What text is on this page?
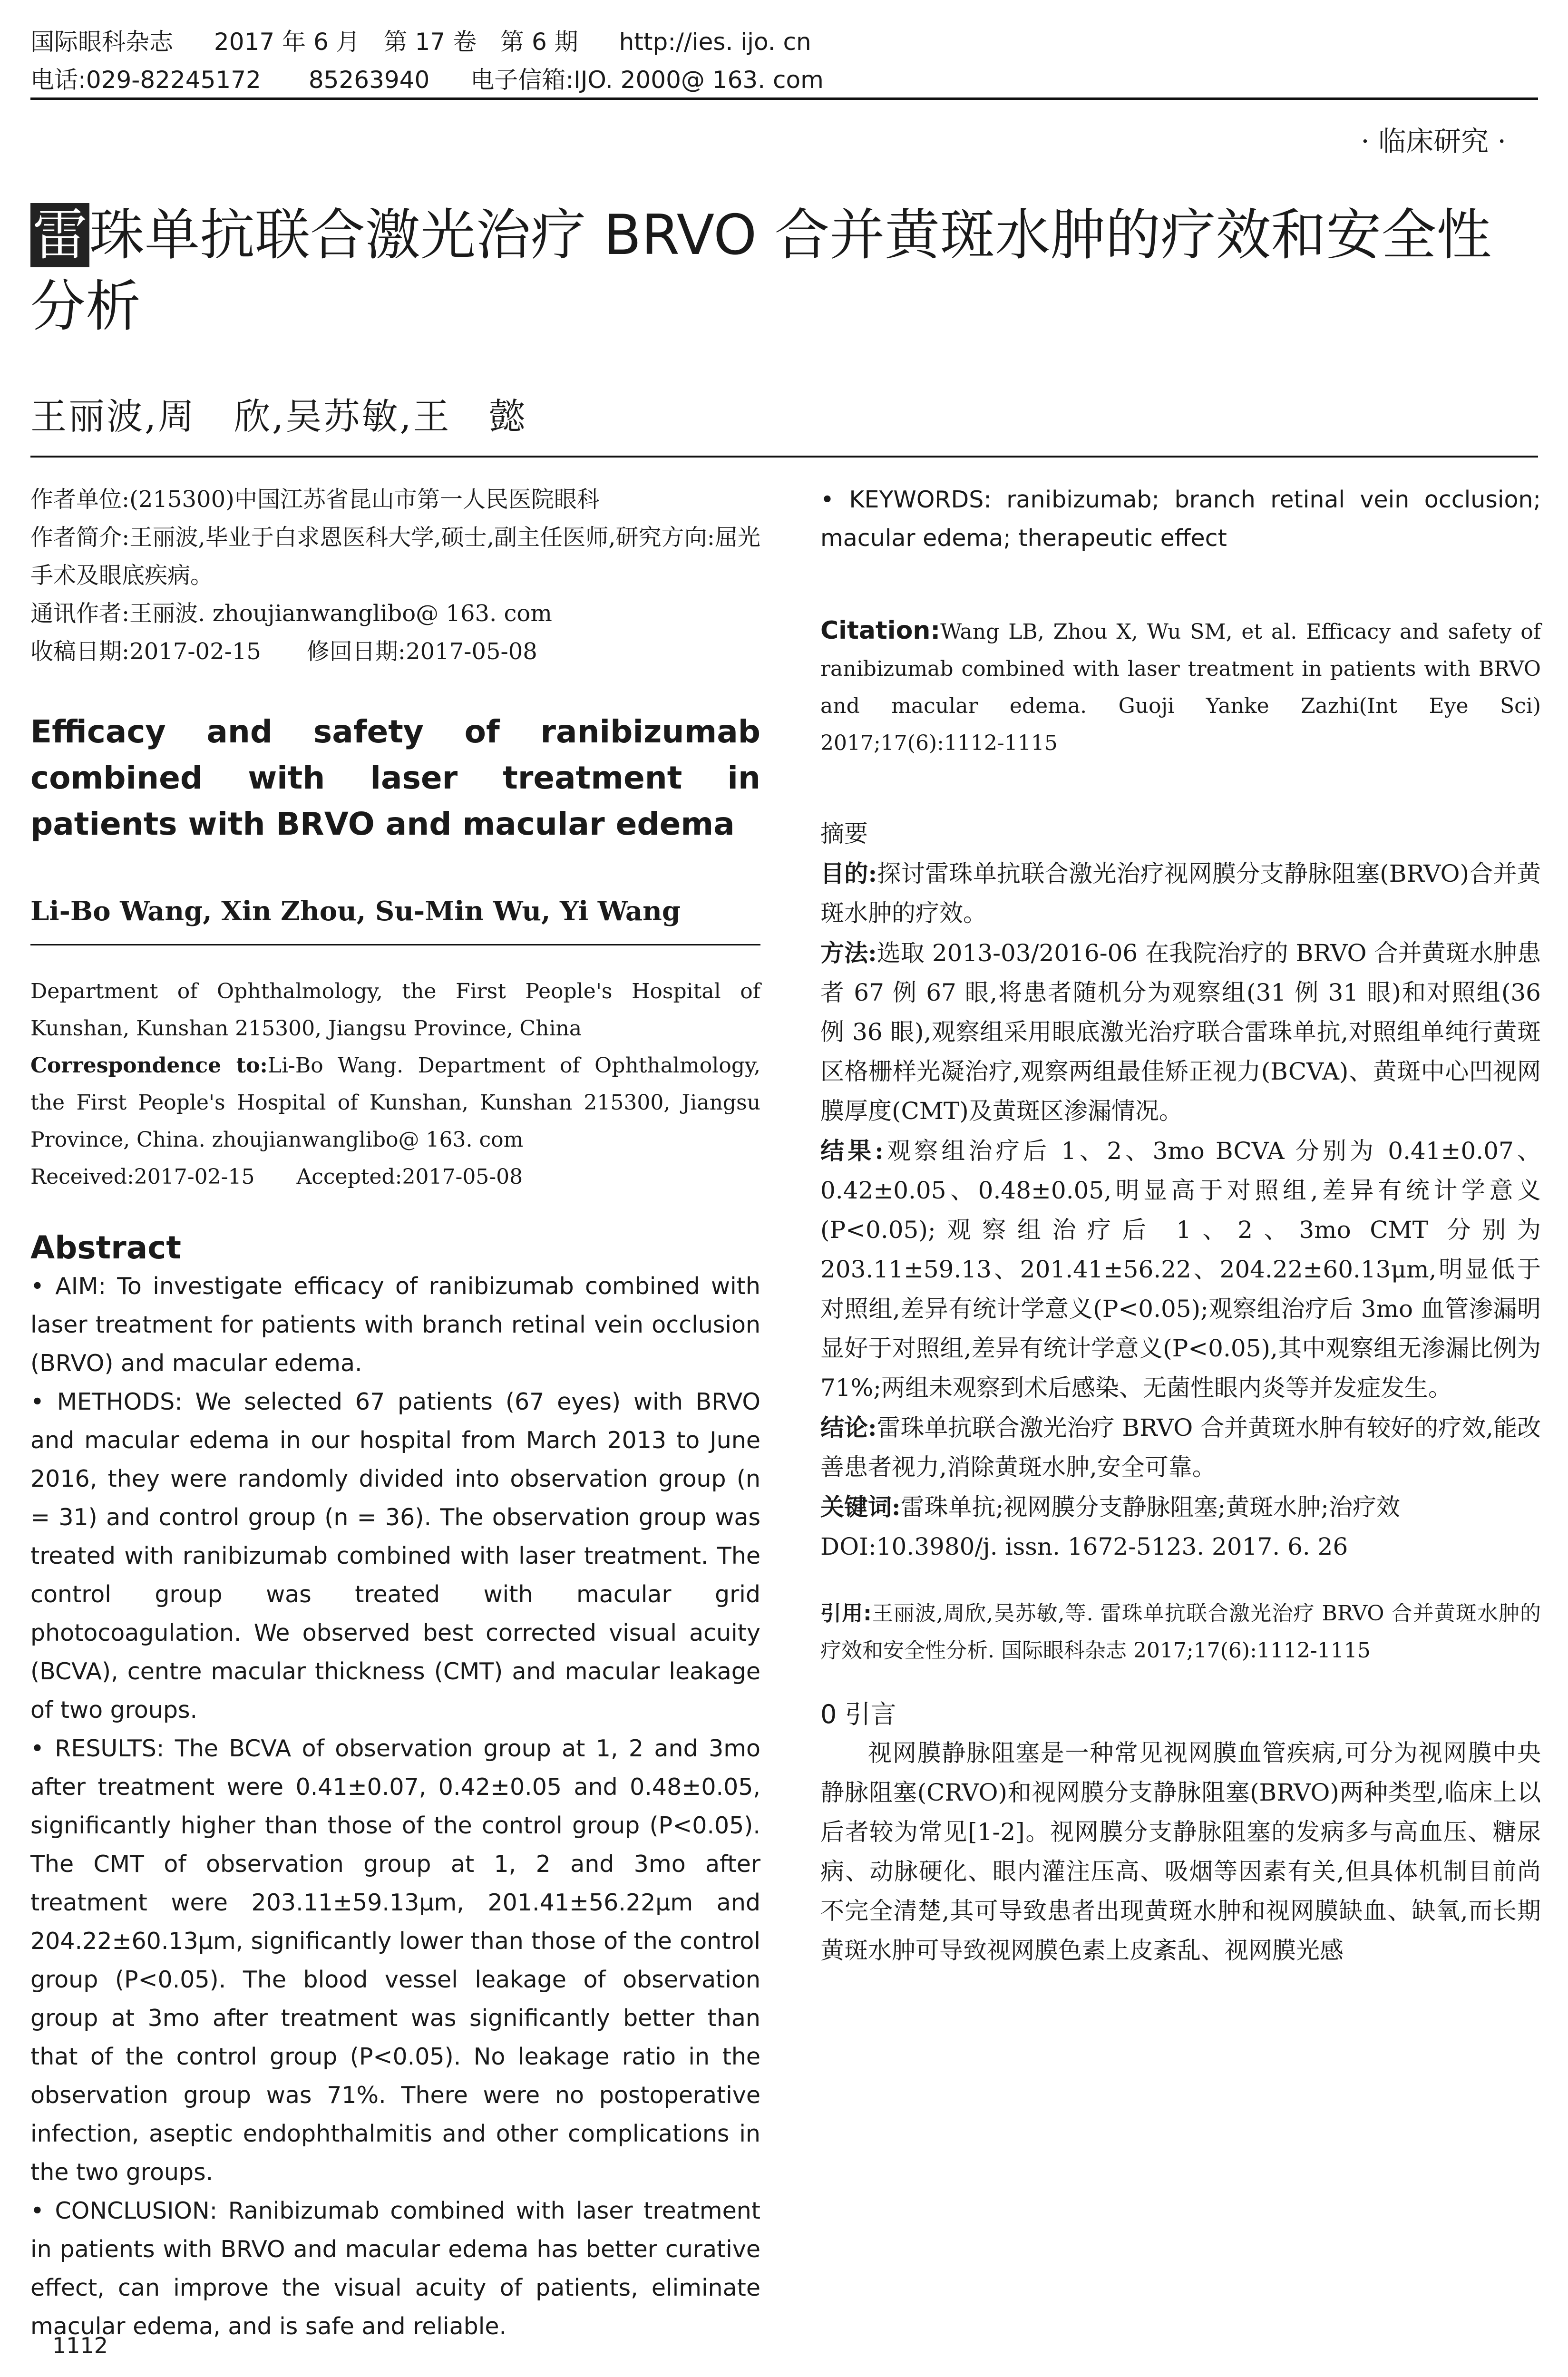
国际眼科杂志 2017 年 6 月　第 17 卷　第 6 期 http://ies. ijo. cn
电话:029-82245172　　85263940 电子信箱:IJO. 2000@ 163. com
· 临床研究 ·
雷珠单抗联合激光治疗 BRVO 合并黄斑水肿的疗效和安全性分析
王丽波,周　欣,吴苏敏,王　懿

作者单位:(215300)中国江苏省昆山市第一人民医院眼科

作者简介:王丽波,毕业于白求恩医科大学,硕士,副主任医师,研究方向:屈光手术及眼底疾病。

通讯作者:王丽波. zhoujianwanglibo@ 163. com

收稿日期:2017-02-15　　修回日期:2017-05-08

Efficacy and safety of ranibizumab combined with laser treatment in patients with BRVO and macular edema
Li-Bo Wang, Xin Zhou, Su-Min Wu, Yi Wang
Department of Ophthalmology, the First People's Hospital of Kunshan, Kunshan 215300, Jiangsu Province, China
Correspondence to:Li-Bo Wang. Department of Ophthalmology, the First People's Hospital of Kunshan, Kunshan 215300, Jiangsu Province, China. zhoujianwanglibo@ 163. com
Received:2017-02-15　　Accepted:2017-05-08
Abstract

• AIM: To investigate efficacy of ranibizumab combined with laser treatment for patients with branch retinal vein occlusion (BRVO) and macular edema.

• METHODS: We selected 67 patients (67 eyes) with BRVO and macular edema in our hospital from March 2013 to June 2016, they were randomly divided into observation group (n = 31) and control group (n = 36). The observation group was treated with ranibizumab combined with laser treatment. The control group was treated with macular grid photocoagulation. We observed best corrected visual acuity (BCVA), centre macular thickness (CMT) and macular leakage of two groups.

• RESULTS: The BCVA of observation group at 1, 2 and 3mo after treatment were 0.41±0.07, 0.42±0.05 and 0.48±0.05, significantly higher than those of the control group (P<0.05). The CMT of observation group at 1, 2 and 3mo after treatment were 203.11±59.13μm, 201.41±56.22μm and 204.22±60.13μm, significantly lower than those of the control group (P<0.05). The blood vessel leakage of observation group at 3mo after treatment was significantly better than that of the control group (P<0.05). No leakage ratio in the observation group was 71%. There were no postoperative infection, aseptic endophthalmitis and other complications in the two groups.

• CONCLUSION: Ranibizumab combined with laser treatment in patients with BRVO and macular edema has better curative effect, can improve the visual acuity of patients, eliminate macular edema, and is safe and reliable.

• KEYWORDS: ranibizumab; branch retinal vein occlusion; macular edema; therapeutic effect
Citation:Wang LB, Zhou X, Wu SM, et al. Efficacy and safety of ranibizumab combined with laser treatment in patients with BRVO and macular edema. Guoji Yanke Zazhi(Int Eye Sci) 2017;17(6):1112-1115

摘要

目的:探讨雷珠单抗联合激光治疗视网膜分支静脉阻塞(BRVO)合并黄斑水肿的疗效。

方法:选取 2013-03/2016-06 在我院治疗的 BRVO 合并黄斑水肿患者 67 例 67 眼,将患者随机分为观察组(31 例 31 眼)和对照组(36 例 36 眼),观察组采用眼底激光治疗联合雷珠单抗,对照组单纯行黄斑区格栅样光凝治疗,观察两组最佳矫正视力(BCVA)、黄斑中心凹视网膜厚度(CMT)及黄斑区渗漏情况。

结果:观察组治疗后 1、2、3mo BCVA 分别为 0.41±0.07、0.42±0.05、0.48±0.05,明显高于对照组,差异有统计学意义(P<0.05);观察组治疗后 1、2、3mo CMT 分别为 203.11±59.13、201.41±56.22、204.22±60.13μm,明显低于对照组,差异有统计学意义(P<0.05);观察组治疗后 3mo 血管渗漏明显好于对照组,差异有统计学意义(P<0.05),其中观察组无渗漏比例为 71%;两组未观察到术后感染、无菌性眼内炎等并发症发生。

结论:雷珠单抗联合激光治疗 BRVO 合并黄斑水肿有较好的疗效,能改善患者视力,消除黄斑水肿,安全可靠。

关键词:雷珠单抗;视网膜分支静脉阻塞;黄斑水肿;治疗效

DOI:10.3980/j. issn. 1672-5123. 2017. 6. 26

引用:王丽波,周欣,吴苏敏,等. 雷珠单抗联合激光治疗 BRVO 合并黄斑水肿的疗效和安全性分析. 国际眼科杂志 2017;17(6):1112-1115
0 引言
视网膜静脉阻塞是一种常见视网膜血管疾病,可分为视网膜中央静脉阻塞(CRVO)和视网膜分支静脉阻塞(BRVO)两种类型,临床上以后者较为常见[1-2]。视网膜分支静脉阻塞的发病多与高血压、糖尿病、动脉硬化、眼内灌注压高、吸烟等因素有关,但具体机制目前尚不完全清楚,其可导致患者出现黄斑水肿和视网膜缺血、缺氧,而长期黄斑水肿可导致视网膜色素上皮紊乱、视网膜光感
1112
